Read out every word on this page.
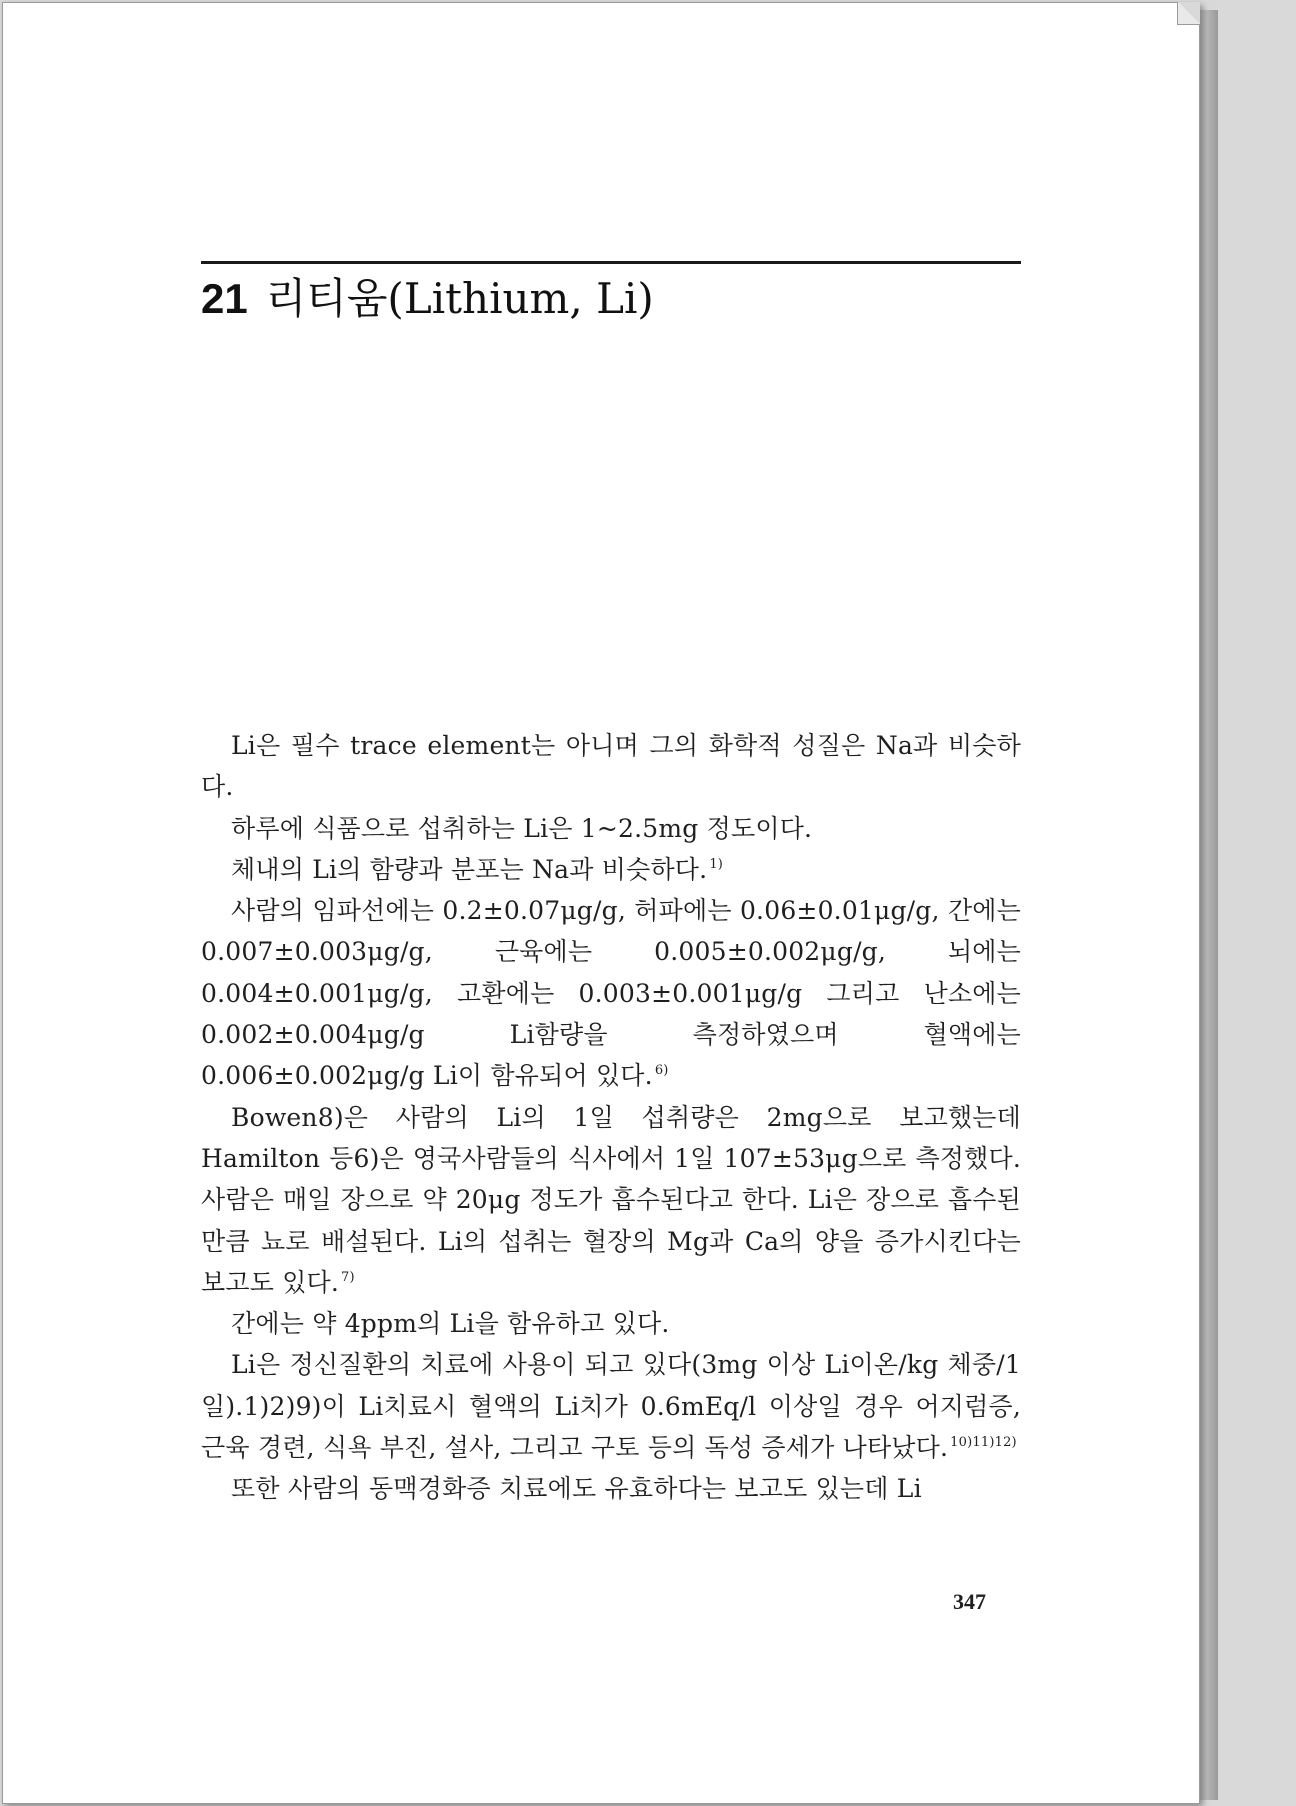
21 리티움(Lithium, Li)

Li은 필수 trace element는 아니며 그의 화학적 성질은 Na과 비슷하다.

하루에 식품으로 섭취하는 Li은 1~2.5mg 정도이다.

체내의 Li의 함량과 분포는 Na과 비슷하다. $^{1)}$

사람의 임파선에는 0.2±0.07μg/g, 허파에는 0.06±0.01μg/g, 간에는 0.007±0.003μg/g, 근육에는 0.005±0.002μg/g, 뇌에는 0.004±0.001μg/g, 고환에는 0.003±0.001μg/g 그리고 난소에는 0.002±0.004μg/g Li함량을 측정하였으며 혈액에는 0.006±0.002μg/g Li이 함유되어 있다. $^{6)}$

Bowen8)은 사람의 Li의 1일 섭취량은 2mg으로 보고했는데 Hamilton 등6)은 영국사람들의 식사에서 1일 107±53μg으로 측정했다. 사람은 매일 장으로 약 20μg 정도가 흡수된다고 한다. Li은 장으로 흡수된 만큼 뇨로 배설된다. Li의 섭취는 혈장의 Mg과 Ca의 양을 증가시킨다는 보고도 있다. $^{7)}$

간에는 약 4ppm의 Li을 함유하고 있다.

Li은 정신질환의 치료에 사용이 되고 있다(3mg 이상 Li이온/kg 체중/1일).1)2)9)이 Li치료시 혈액의 Li치가 0.6mEq/l 이상일 경우 어지럼증, 근육 경련, 식욕 부진, 설사, 그리고 구토 등의 독성 증세가 나타났다. $^{10)11)12)}$

또한 사람의 동맥경화증 치료에도 유효하다는 보고도 있는데 Li

347
